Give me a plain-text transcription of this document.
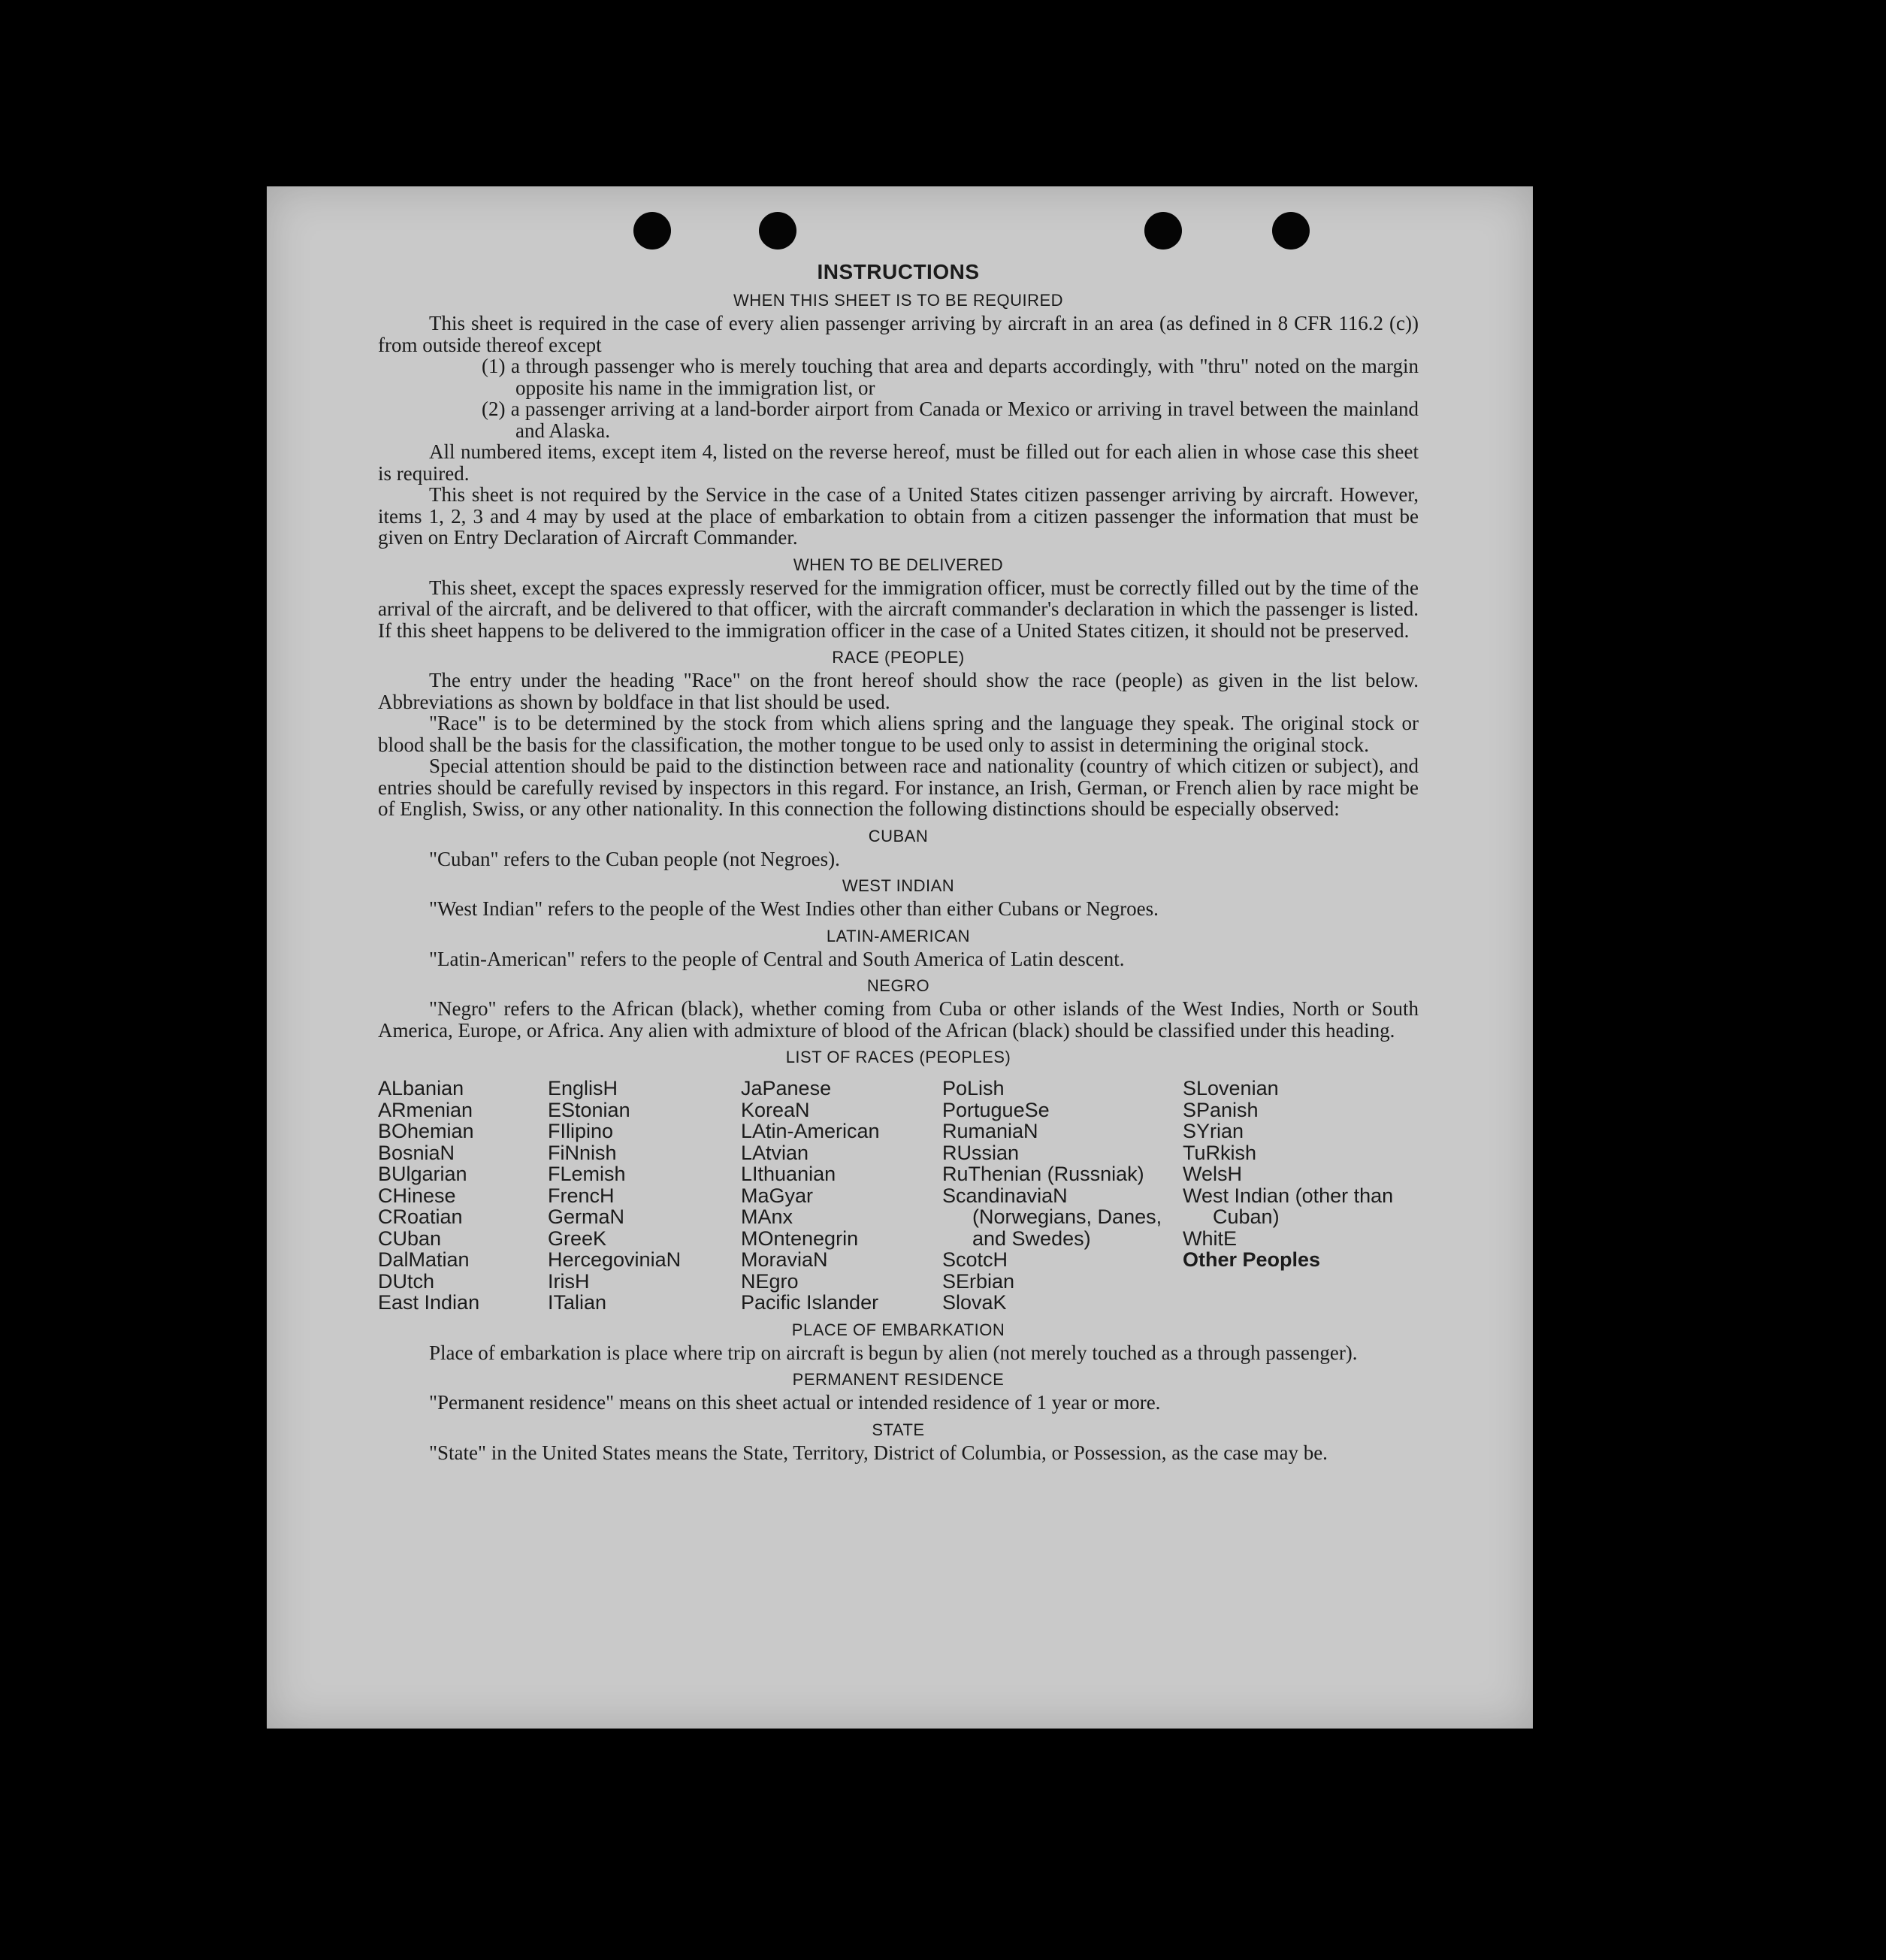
INSTRUCTIONS
WHEN THIS SHEET IS TO BE REQUIRED

This sheet is required in the case of every alien passenger arriving by aircraft in an area (as defined in 8 CFR 116.2 (c)) from outside thereof except

(1) a through passenger who is merely touching that area and departs accordingly, with "thru" noted on the margin opposite his name in the immigration list, or

(2) a passenger arriving at a land-border airport from Canada or Mexico or arriving in travel between the mainland and Alaska.

All numbered items, except item 4, listed on the reverse hereof, must be filled out for each alien in whose case this sheet is required.

This sheet is not required by the Service in the case of a United States citizen passenger arriving by aircraft. However, items 1, 2, 3 and 4 may by used at the place of embarkation to obtain from a citizen passenger the information that must be given on Entry Declaration of Aircraft Commander.

WHEN TO BE DELIVERED

This sheet, except the spaces expressly reserved for the immigration officer, must be correctly filled out by the time of the arrival of the aircraft, and be delivered to that officer, with the aircraft commander's declaration in which the passenger is listed. If this sheet happens to be delivered to the immigration officer in the case of a United States citizen, it should not be preserved.

RACE (PEOPLE)

The entry under the heading "Race" on the front hereof should show the race (people) as given in the list below. Abbreviations as shown by boldface in that list should be used.

"Race" is to be determined by the stock from which aliens spring and the language they speak. The original stock or blood shall be the basis for the classification, the mother tongue to be used only to assist in determining the original stock.

Special attention should be paid to the distinction between race and nationality (country of which citizen or subject), and entries should be carefully revised by inspectors in this regard. For instance, an Irish, German, or French alien by race might be of English, Swiss, or any other nationality. In this connection the following distinctions should be especially observed:

CUBAN

"Cuban" refers to the Cuban people (not Negroes).

WEST INDIAN

"West Indian" refers to the people of the West Indies other than either Cubans or Negroes.

LATIN-AMERICAN

"Latin-American" refers to the people of Central and South America of Latin descent.

NEGRO

"Negro" refers to the African (black), whether coming from Cuba or other islands of the West Indies, North or South America, Europe, or Africa. Any alien with admixture of blood of the African (black) should be classified under this heading.

LIST OF RACES (PEOPLES)
ALbanian
ARmenian
BOhemian
BosniaN
BUlgarian
CHinese
CRoatian
CUban
DalMatian
DUtch
East Indian
EnglisH
EStonian
FIlipino
FiNnish
FLemish
FrencH
GermaN
GreeK
HercegoviniaN
IrisH
ITalian
JaPanese
KoreaN
LAtin-American
LAtvian
LIthuanian
MaGyar
MAnx
MOntenegrin
MoraviaN
NEgro
Pacific Islander
PoLish
PortugueSe
RumaniaN
RUssian
RuThenian (Russniak)
ScandinaviaN (Norwegians, Danes, and Swedes)
ScotcH
SErbian
SlovaK
SLovenian
SPanish
SYrian
TuRkish
WelsH
West Indian (other than Cuban)
WhitE
Other Peoples
PLACE OF EMBARKATION

Place of embarkation is place where trip on aircraft is begun by alien (not merely touched as a through passenger).

PERMANENT RESIDENCE

"Permanent residence" means on this sheet actual or intended residence of 1 year or more.

STATE

"State" in the United States means the State, Territory, District of Columbia, or Possession, as the case may be.
